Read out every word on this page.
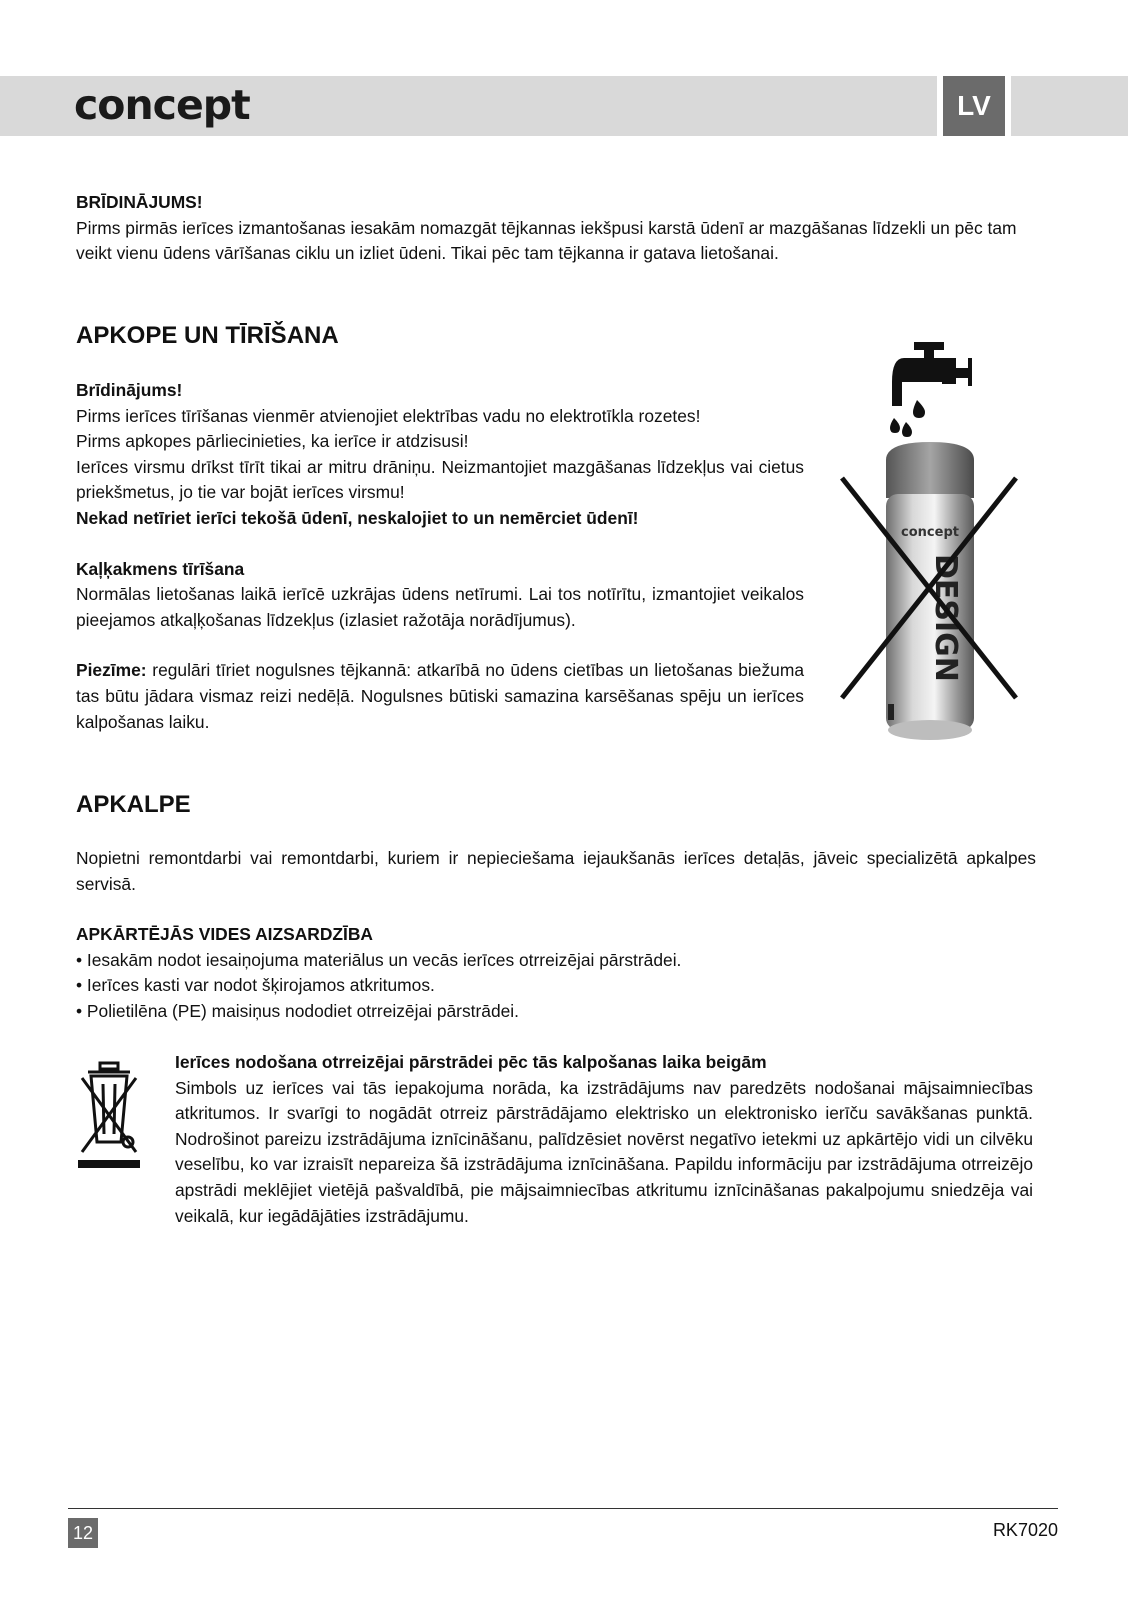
concept	LV

BRĪDINĀJUMS!

Pirms pirmās ierīces izmantošanas iesakām nomazgāt tējkannas iekšpusi karstā ūdenī ar mazgāšanas līdzekli un pēc tam veikt vienu ūdens vārīšanas ciklu un izliet ūdeni. Tikai pēc tam tējkanna ir gatava lietošanai.

APKOPE UN TĪRĪŠANA

Brīdinājums!

Pirms ierīces tīrīšanas vienmēr atvienojiet elektrības vadu no elektrotīkla rozetes!

Pirms apkopes pārliecinieties, ka ierīce ir atdzisusi!

Ierīces virsmu drīkst tīrīt tikai ar mitru drāniņu. Neizmantojiet mazgāšanas līdzekļus vai cietus priekšmetus, jo tie var bojāt ierīces virsmu!

Nekad netīriet ierīci tekošā ūdenī, neskalojiet to un nemērciet ūdenī!

Kaļķakmens tīrīšana

Normālas lietošanas laikā ierīcē uzkrājas ūdens netīrumi. Lai tos notīrītu, izmantojiet veikalos pieejamos atkaļķošanas līdzekļus (izlasiet ražotāja norādījumus).

Piezīme: regulāri tīriet nogulsnes tējkannā: atkarībā no ūdens cietības un lietošanas biežuma tas būtu jādara vismaz reizi nedēļā. Nogulsnes būtiski samazina karsēšanas spēju un ierīces kalpošanas laiku.

concept
DESIGN
APKALPE

Nopietni remontdarbi vai remontdarbi, kuriem ir nepieciešama iejaukšanās ierīces detaļās, jāveic specializētā apkalpes servisā.

APKĀRTĒJĀS VIDES AIZSARDZĪBA

• Iesakām nodot iesaiņojuma materiālus un vecās ierīces otrreizējai pārstrādei.
• Ierīces kasti var nodot šķirojamos atkritumos.
• Polietilēna (PE) maisiņus nododiet otrreizējai pārstrādei.

Ierīces nodošana otrreizējai pārstrādei pēc tās kalpošanas laika beigām

Simbols uz ierīces vai tās iepakojuma norāda, ka izstrādājums nav paredzēts nodošanai mājsaimniecības atkritumos. Ir svarīgi to nogādāt otrreiz pārstrādājamo elektrisko un elektronisko ierīču savākšanas punktā. Nodrošinot pareizu izstrādājuma iznīcināšanu, palīdzēsiet novērst negatīvo ietekmi uz apkārtējo vidi un cilvēku veselību, ko var izraisīt nepareiza šā izstrādājuma iznīcināšana. Papildu informāciju par izstrādājuma otrreizējo apstrādi meklējiet vietējā pašvaldībā, pie mājsaimniecības atkritumu iznīcināšanas pakalpojumu sniedzēja vai veikalā, kur iegādājāties izstrādājumu.

12	RK7020
